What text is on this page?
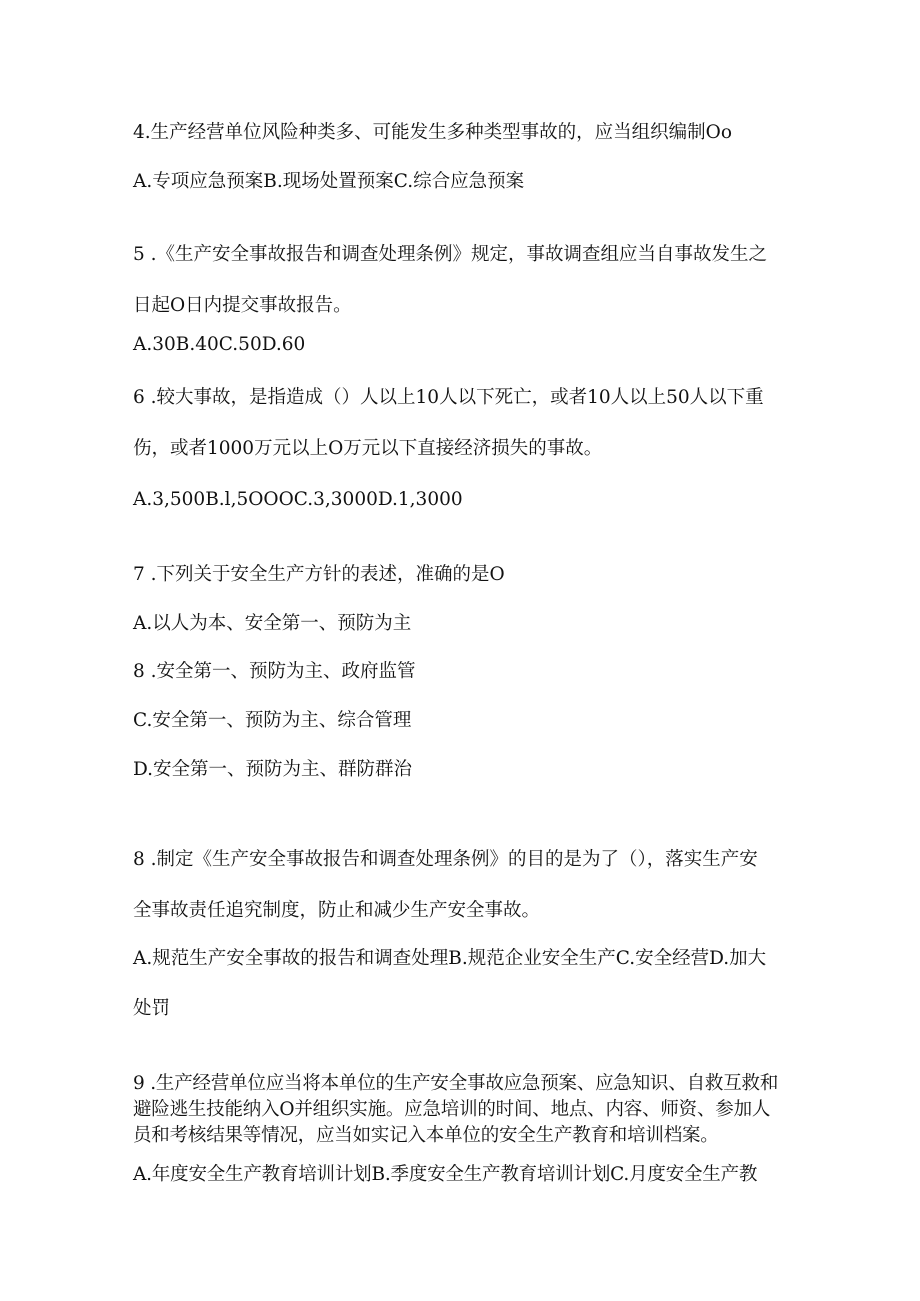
4.生产经营单位风险种类多、可能发生多种类型事故的，应当组织编制Oo

A.专项应急预案B.现场处置预案C.综合应急预案

5 .《生产安全事故报告和调查处理条例》规定，事故调查组应当自事故发生之

日起O日内提交事故报告。

A.30B.40C.50D.60

6 .较大事故，是指造成（）人以上10人以下死亡，或者10人以上50人以下重

伤，或者1000万元以上O万元以下直接经济损失的事故。

A.3,500B.l,5OOOC.3,3000D.1,3000

7 .下列关于安全生产方针的表述，准确的是O

A.以人为本、安全第一、预防为主

8 .安全第一、预防为主、政府监管

C.安全第一、预防为主、综合管理

D.安全第一、预防为主、群防群治

8 .制定《生产安全事故报告和调查处理条例》的目的是为了（），落实生产安

全事故责任追究制度，防止和减少生产安全事故。

A.规范生产安全事故的报告和调查处理B.规范企业安全生产C.安全经营D.加大

处罚

9 .生产经营单位应当将本单位的生产安全事故应急预案、应急知识、自救互救和

避险逃生技能纳入O并组织实施。应急培训的时间、地点、内容、师资、参加人

员和考核结果等情况，应当如实记入本单位的安全生产教育和培训档案。

A.年度安全生产教育培训计划B.季度安全生产教育培训计划C.月度安全生产教
